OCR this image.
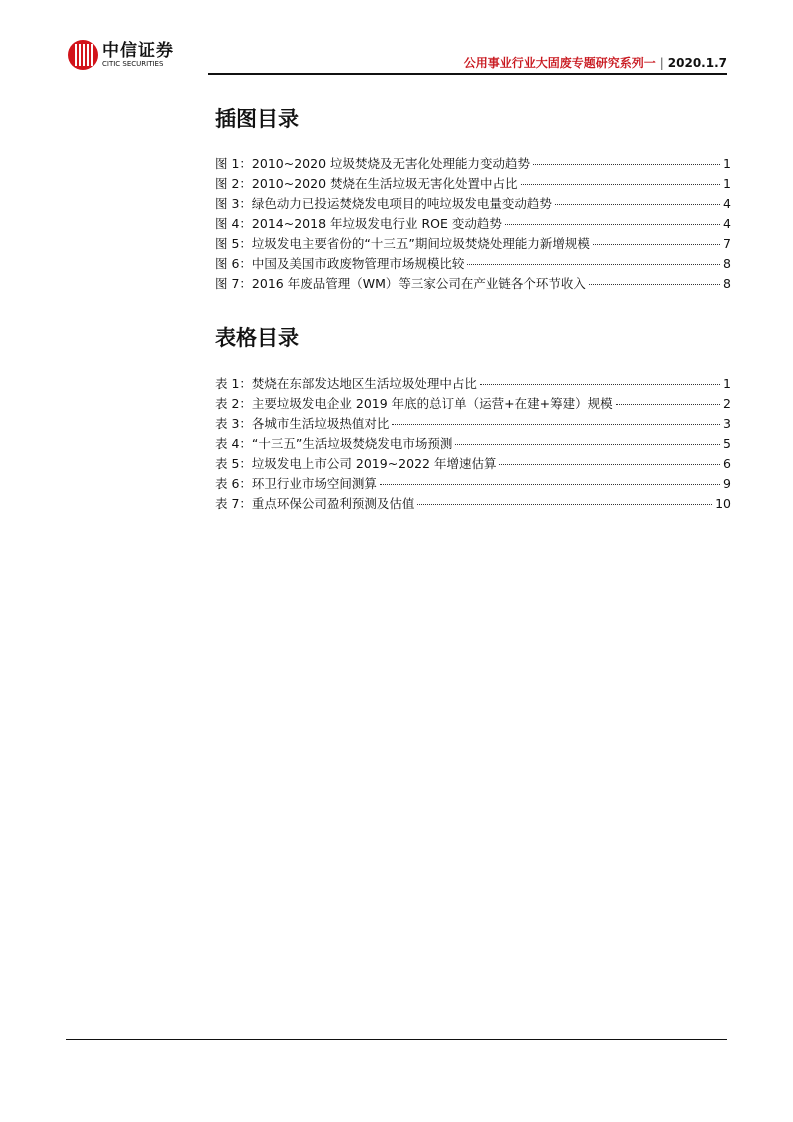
中信证券
CITIC SECURITIES	公用事业行业大固废专题研究系列一 | 2020.1.7
插图目录
图 1：2010~2020 垃圾焚烧及无害化处理能力变动趋势	1
图 2：2010~2020 焚烧在生活垃圾无害化处置中占比	1
图 3：绿色动力已投运焚烧发电项目的吨垃圾发电量变动趋势	4
图 4：2014~2018 年垃圾发电行业 ROE 变动趋势	4
图 5：垃圾发电主要省份的“十三五”期间垃圾焚烧处理能力新增规模	7
图 6：中国及美国市政废物管理市场规模比较	8
图 7：2016 年废品管理（WM）等三家公司在产业链各个环节收入	8
表格目录
表 1：焚烧在东部发达地区生活垃圾处理中占比	1
表 2：主要垃圾发电企业 2019 年底的总订单（运营+在建+筹建）规模	2
表 3：各城市生活垃圾热值对比	3
表 4：“十三五”生活垃圾焚烧发电市场预测	5
表 5：垃圾发电上市公司 2019~2022 年增速估算	6
表 6：环卫行业市场空间测算	9
表 7：重点环保公司盈利预测及估值	10
